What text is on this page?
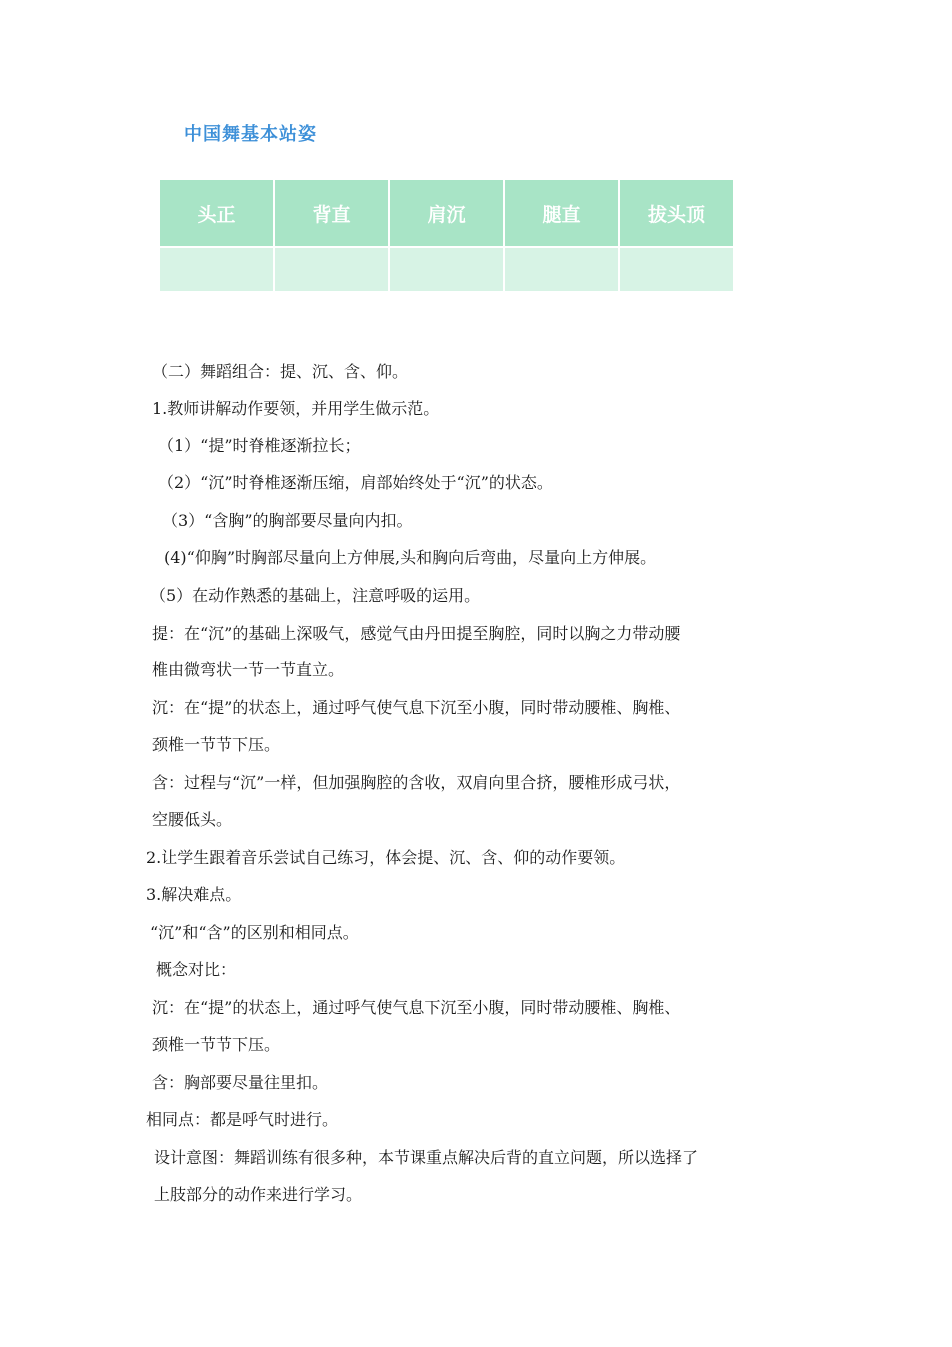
中国舞基本站姿
头正	背直	肩沉	腿直	拔头顶

（二）舞蹈组合：提、沉、含、仰。
1.教师讲解动作要领，并用学生做示范。
（1）“提”时脊椎逐渐拉长；
（2）“沉”时脊椎逐渐压缩，肩部始终处于“沉”的状态。
（3）“含胸”的胸部要尽量向内扣。
(4)“仰胸”时胸部尽量向上方伸展,头和胸向后弯曲，尽量向上方伸展。
（5）在动作熟悉的基础上，注意呼吸的运用。
提：在“沉”的基础上深吸气，感觉气由丹田提至胸腔，同时以胸之力带动腰
椎由微弯状一节一节直立。
沉：在“提”的状态上，通过呼气使气息下沉至小腹，同时带动腰椎、胸椎、
颈椎一节节下压。
含：过程与“沉”一样，但加强胸腔的含收，双肩向里合挤，腰椎形成弓状，
空腰低头。
2.让学生跟着音乐尝试自己练习，体会提、沉、含、仰的动作要领。
3.解决难点。
“沉”和“含”的区别和相同点。
概念对比：
沉：在“提”的状态上，通过呼气使气息下沉至小腹，同时带动腰椎、胸椎、
颈椎一节节下压。
含：胸部要尽量往里扣。
相同点：都是呼气时进行。
设计意图：舞蹈训练有很多种，本节课重点解决后背的直立问题，所以选择了
上肢部分的动作来进行学习。
